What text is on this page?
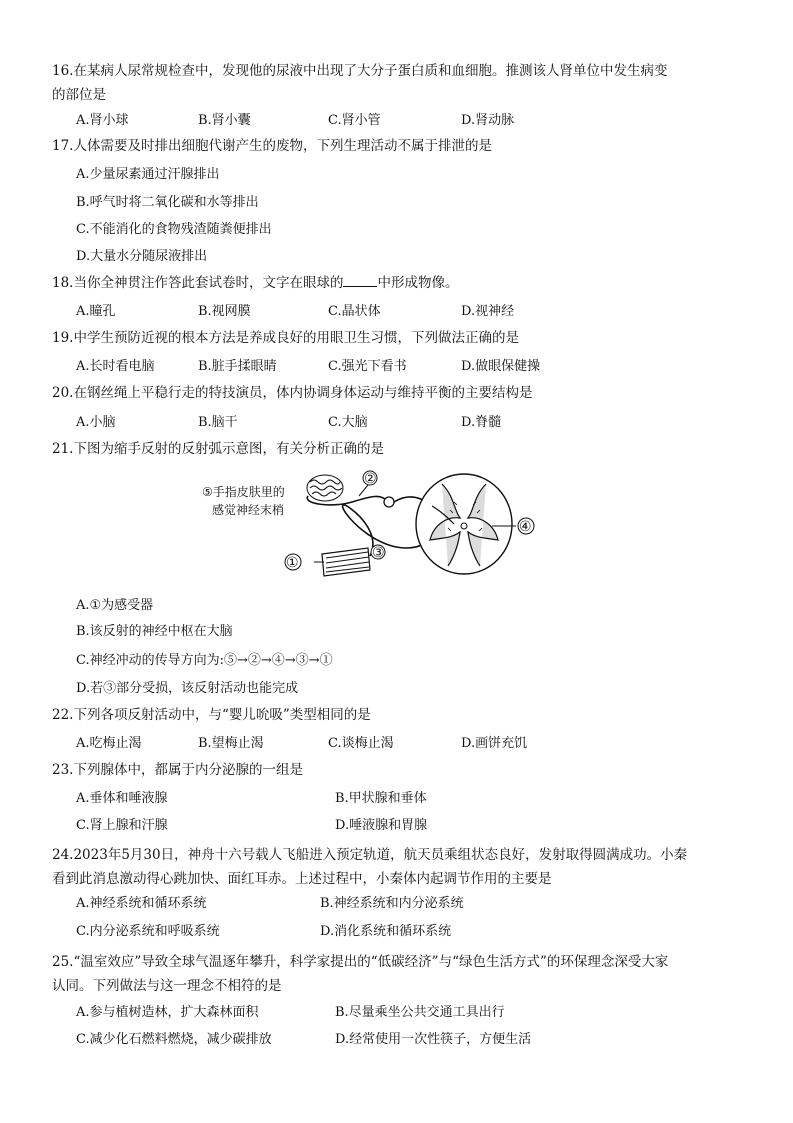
16.在某病人尿常规检查中，发现他的尿液中出现了大分子蛋白质和血细胞。推测该人肾单位中发生病变
的部位是
A.肾小球	B.肾小囊	C.肾小管	D.肾动脉
17.人体需要及时排出细胞代谢产生的废物，下列生理活动不属于排泄的是
A.少量尿素通过汗腺排出
B.呼气时将二氧化碳和水等排出
C.不能消化的食物残渣随粪便排出
D.大量水分随尿液排出
18.当你全神贯注作答此套试卷时，文字在眼球的	中形成物像。
A.瞳孔	B.视网膜	C.晶状体	D.视神经
19.中学生预防近视的根本方法是养成良好的用眼卫生习惯，下列做法正确的是
A.长时看电脑	B.脏手揉眼睛	C.强光下看书	D.做眼保健操
20.在钢丝绳上平稳行走的特技演员，体内协调身体运动与维持平衡的主要结构是
A.小脑	B.脑干	C.大脑	D.脊髓
21.下图为缩手反射的反射弧示意图，有关分析正确的是
⑤手指皮肤里的
感觉神经末梢
②
①
③
④
A.①为感受器
B.该反射的神经中枢在大脑
C.神经冲动的传导方向为:⑤→②→④→③→①
D.若③部分受损，该反射活动也能完成
22.下列各项反射活动中，与“婴儿吮吸”类型相同的是
A.吃梅止渴	B.望梅止渴	C.谈梅止渴	D.画饼充饥
23.下列腺体中，都属于内分泌腺的一组是
A.垂体和唾液腺	B.甲状腺和垂体
C.肾上腺和汗腺	D.唾液腺和胃腺
24.2023年5月30日，神舟十六号载人飞船进入预定轨道，航天员乘组状态良好，发射取得圆满成功。小秦
看到此消息激动得心跳加快、面红耳赤。上述过程中，小秦体内起调节作用的主要是
A.神经系统和循环系统	B.神经系统和内分泌系统
C.内分泌系统和呼吸系统	D.消化系统和循环系统
25.“温室效应”导致全球气温逐年攀升，科学家提出的“低碳经济”与“绿色生活方式”的环保理念深受大家
认同。下列做法与这一理念不相符的是
A.参与植树造林，扩大森林面积	B.尽量乘坐公共交通工具出行
C.减少化石燃料燃烧，减少碳排放	D.经常使用一次性筷子，方便生活
